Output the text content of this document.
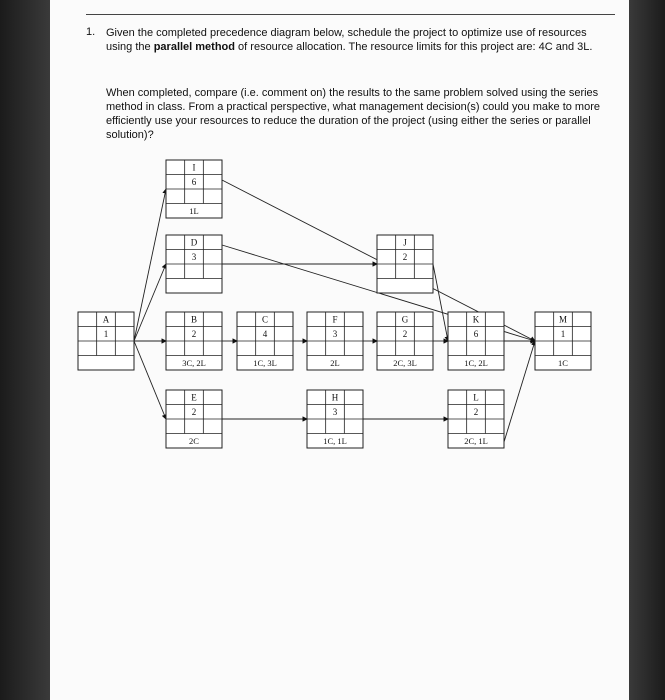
1. Given the completed precedence diagram below, schedule the project to optimize use of resources using the parallel method of resource allocation. The resource limits for this project are: 4C and 3L.
When completed, compare (i.e. comment on) the results to the same problem solved using the series method in class. From a practical perspective, what management decision(s) could you make to more efficiently use your resources to reduce the duration of the project (using either the series or parallel solution)?
I
6
1L
D
3
J
2
A
1
B
2
3C, 2L
C
4
1C, 3L
F
3
2L
G
2
2C, 3L
K
6
1C, 2L
M
1
1C
E
2
2C
H
3
1C, 1L
L
2
2C, 1L
